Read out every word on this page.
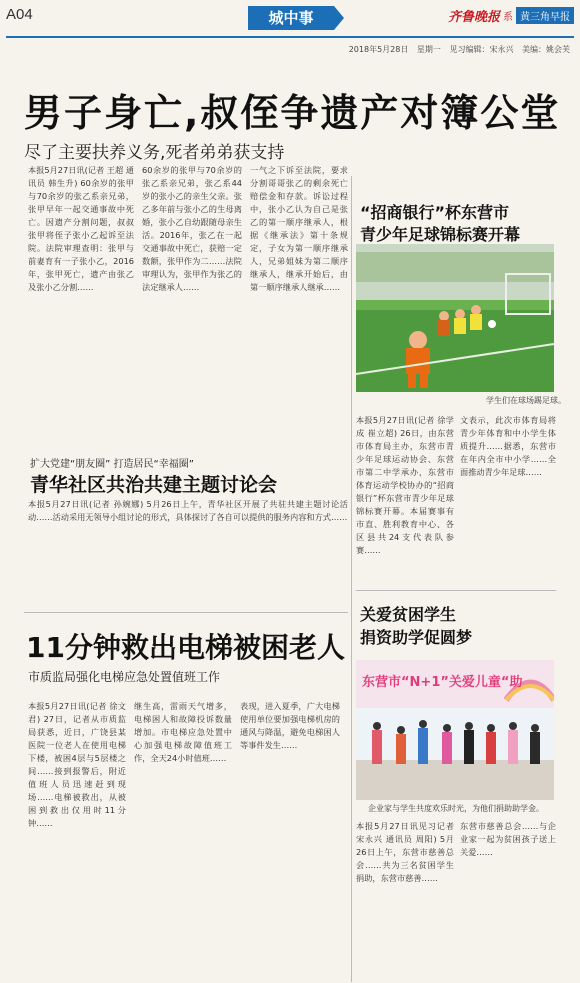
A04	城中事	齐鲁晚报 系 黄三角早报
2018年5月28日 星期一 见习编辑：宋永兴 美编：姚会芙
男子身亡,叔侄争遗产对簿公堂
尽了主要扶养义务,死者弟弟获支持
本报5月27日讯(记者 王超 通讯员 韩生升) 60余岁的张甲与70余岁的张乙系亲兄弟，张甲早年一起交通事故中死亡。因遗产分割问题，叔叔张甲将侄子张小乙起诉至法院。法院审理查明：张甲与前妻育有一子张小乙，2016年，张甲死亡，遗产由张乙及张小乙分割……
60余岁的张甲与70余岁的张乙系亲兄弟，张乙系44岁的张小乙的亲生父亲。张乙多年前与张小乙的生母离婚，张小乙自幼跟随母亲生活。2016年，张乙在一起交通事故中死亡，获赔一定数额，张甲作为二……法院审理认为，张甲作为张乙的法定继承人……
一气之下诉至法院，要求分割哥哥张乙的剩余死亡赔偿金和存款。诉讼过程中，张小乙认为自己是张乙的第一顺序继承人，根据《继承法》第十条规定，子女为第一顺序继承人，兄弟姐妹为第二顺序继承人，继承开始后，由第一顺序继承人继承……
“招商银行”杯东营市
青少年足球锦标赛开幕
学生们在球场踢足球。
本报5月27日讯(记者 徐学成 崔立超) 26日，由东营市体育局主办，东营市青少年足球运动协会、东营市第二中学承办，东营市体育运动学校协办的“招商银行”杯东营市青少年足球锦标赛开幕。本届赛事有市直、胜利教育中心、各区县共24支代表队参赛……
文表示，此次市体育局将青少年体育和中小学生体质提升……据悉，东营市在年内全市中小学……全面推动青少年足球……
扩大党建“朋友圈” 打造居民“幸福圈”
青华社区共治共建主题讨论会
本报5月27日讯(记者 孙婉娜) 5月26日上午，青华社区开展了共驻共建主题讨论活动……活动采用无领导小组讨论的形式，具体探讨了各自可以提供的服务内容和方式……
11分钟救出电梯被困老人
市质监局强化电梯应急处置值班工作
本报5月27日讯(记者 徐文君) 27日，记者从市质监局获悉，近日，广饶县某医院一位老人在使用电梯下楼，被困4层与5层楼之间……接到报警后，附近值班人员迅速赶到现场……电梯被救出，从被困到救出仅用时11分钟……
继生高，雷雨天气增多，电梯困人和故障投诉数量增加。市电梯应急处置中心加强电梯故障值班工作，全天24小时值班……
表现，进入夏季，广大电梯使用单位要加强电梯机房的通风与降温，避免电梯困人等事件发生……
关爱贫困学生
捐资助学促圆梦
东营市“N+1”关爱儿童“助
企业家与学生共度欢乐时光，为他们捐助助学金。
本报5月27日讯见习记者 宋永兴 通讯员 周阳) 5月26日上午，东营市慈善总会……共为三名贫困学生捐助，东营市慈善……
东营市慈善总会……与企业家一起为贫困孩子送上关爱……
